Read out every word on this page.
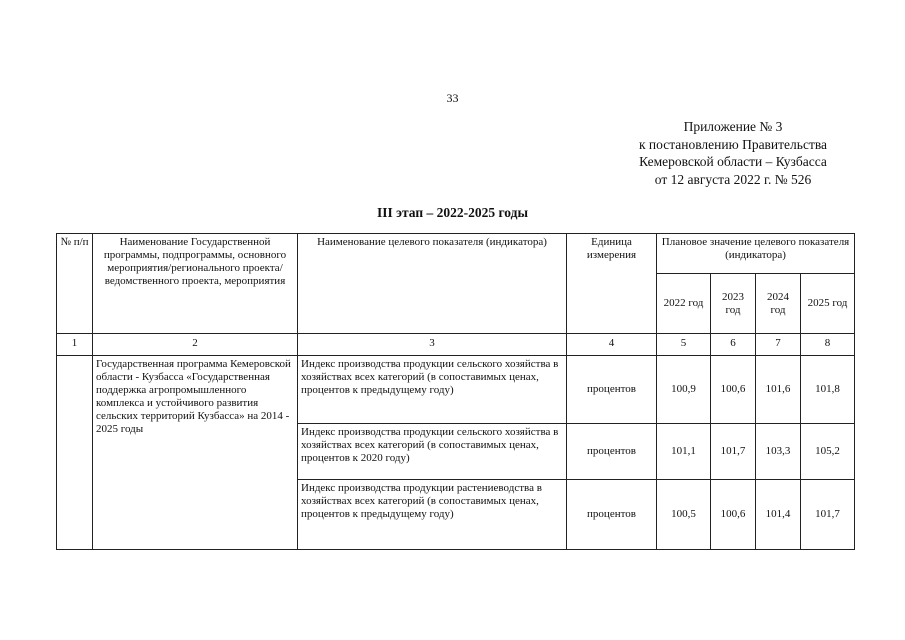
33
Приложение № 3
к постановлению Правительства
Кемеровской области – Кузбасса
от 12 августа 2022 г. № 526
III этап – 2022-2025 годы
№ п/п	Наименование Государственной программы, подпрограммы, основного мероприятия/регионального проекта/ведомственного проекта, мероприятия	Наименование целевого показателя (индикатора)	Единица измерения	Плановое значение целевого показателя (индикатора)			
				2022 год	2023 год	2024 год	2025 год
1	2	3	4	5	6	7	8
	Государственная программа Кемеровской области - Кузбасса «Государственная поддержка агропромышленного комплекса и устойчивого развития сельских территорий Кузбасса» на 2014 - 2025 годы	Индекс производства продукции сельского хозяйства в хозяйствах всех категорий (в сопоставимых ценах, процентов к предыдущему году)	процентов	100,9	100,6	101,6	101,8
		Индекс производства продукции сельского хозяйства в хозяйствах всех категорий (в сопоставимых ценах, процентов к 2020 году)	процентов	101,1	101,7	103,3	105,2
		Индекс производства продукции растениеводства в хозяйствах всех категорий (в сопоставимых ценах, процентов к предыдущему году)	процентов	100,5	100,6	101,4	101,7
